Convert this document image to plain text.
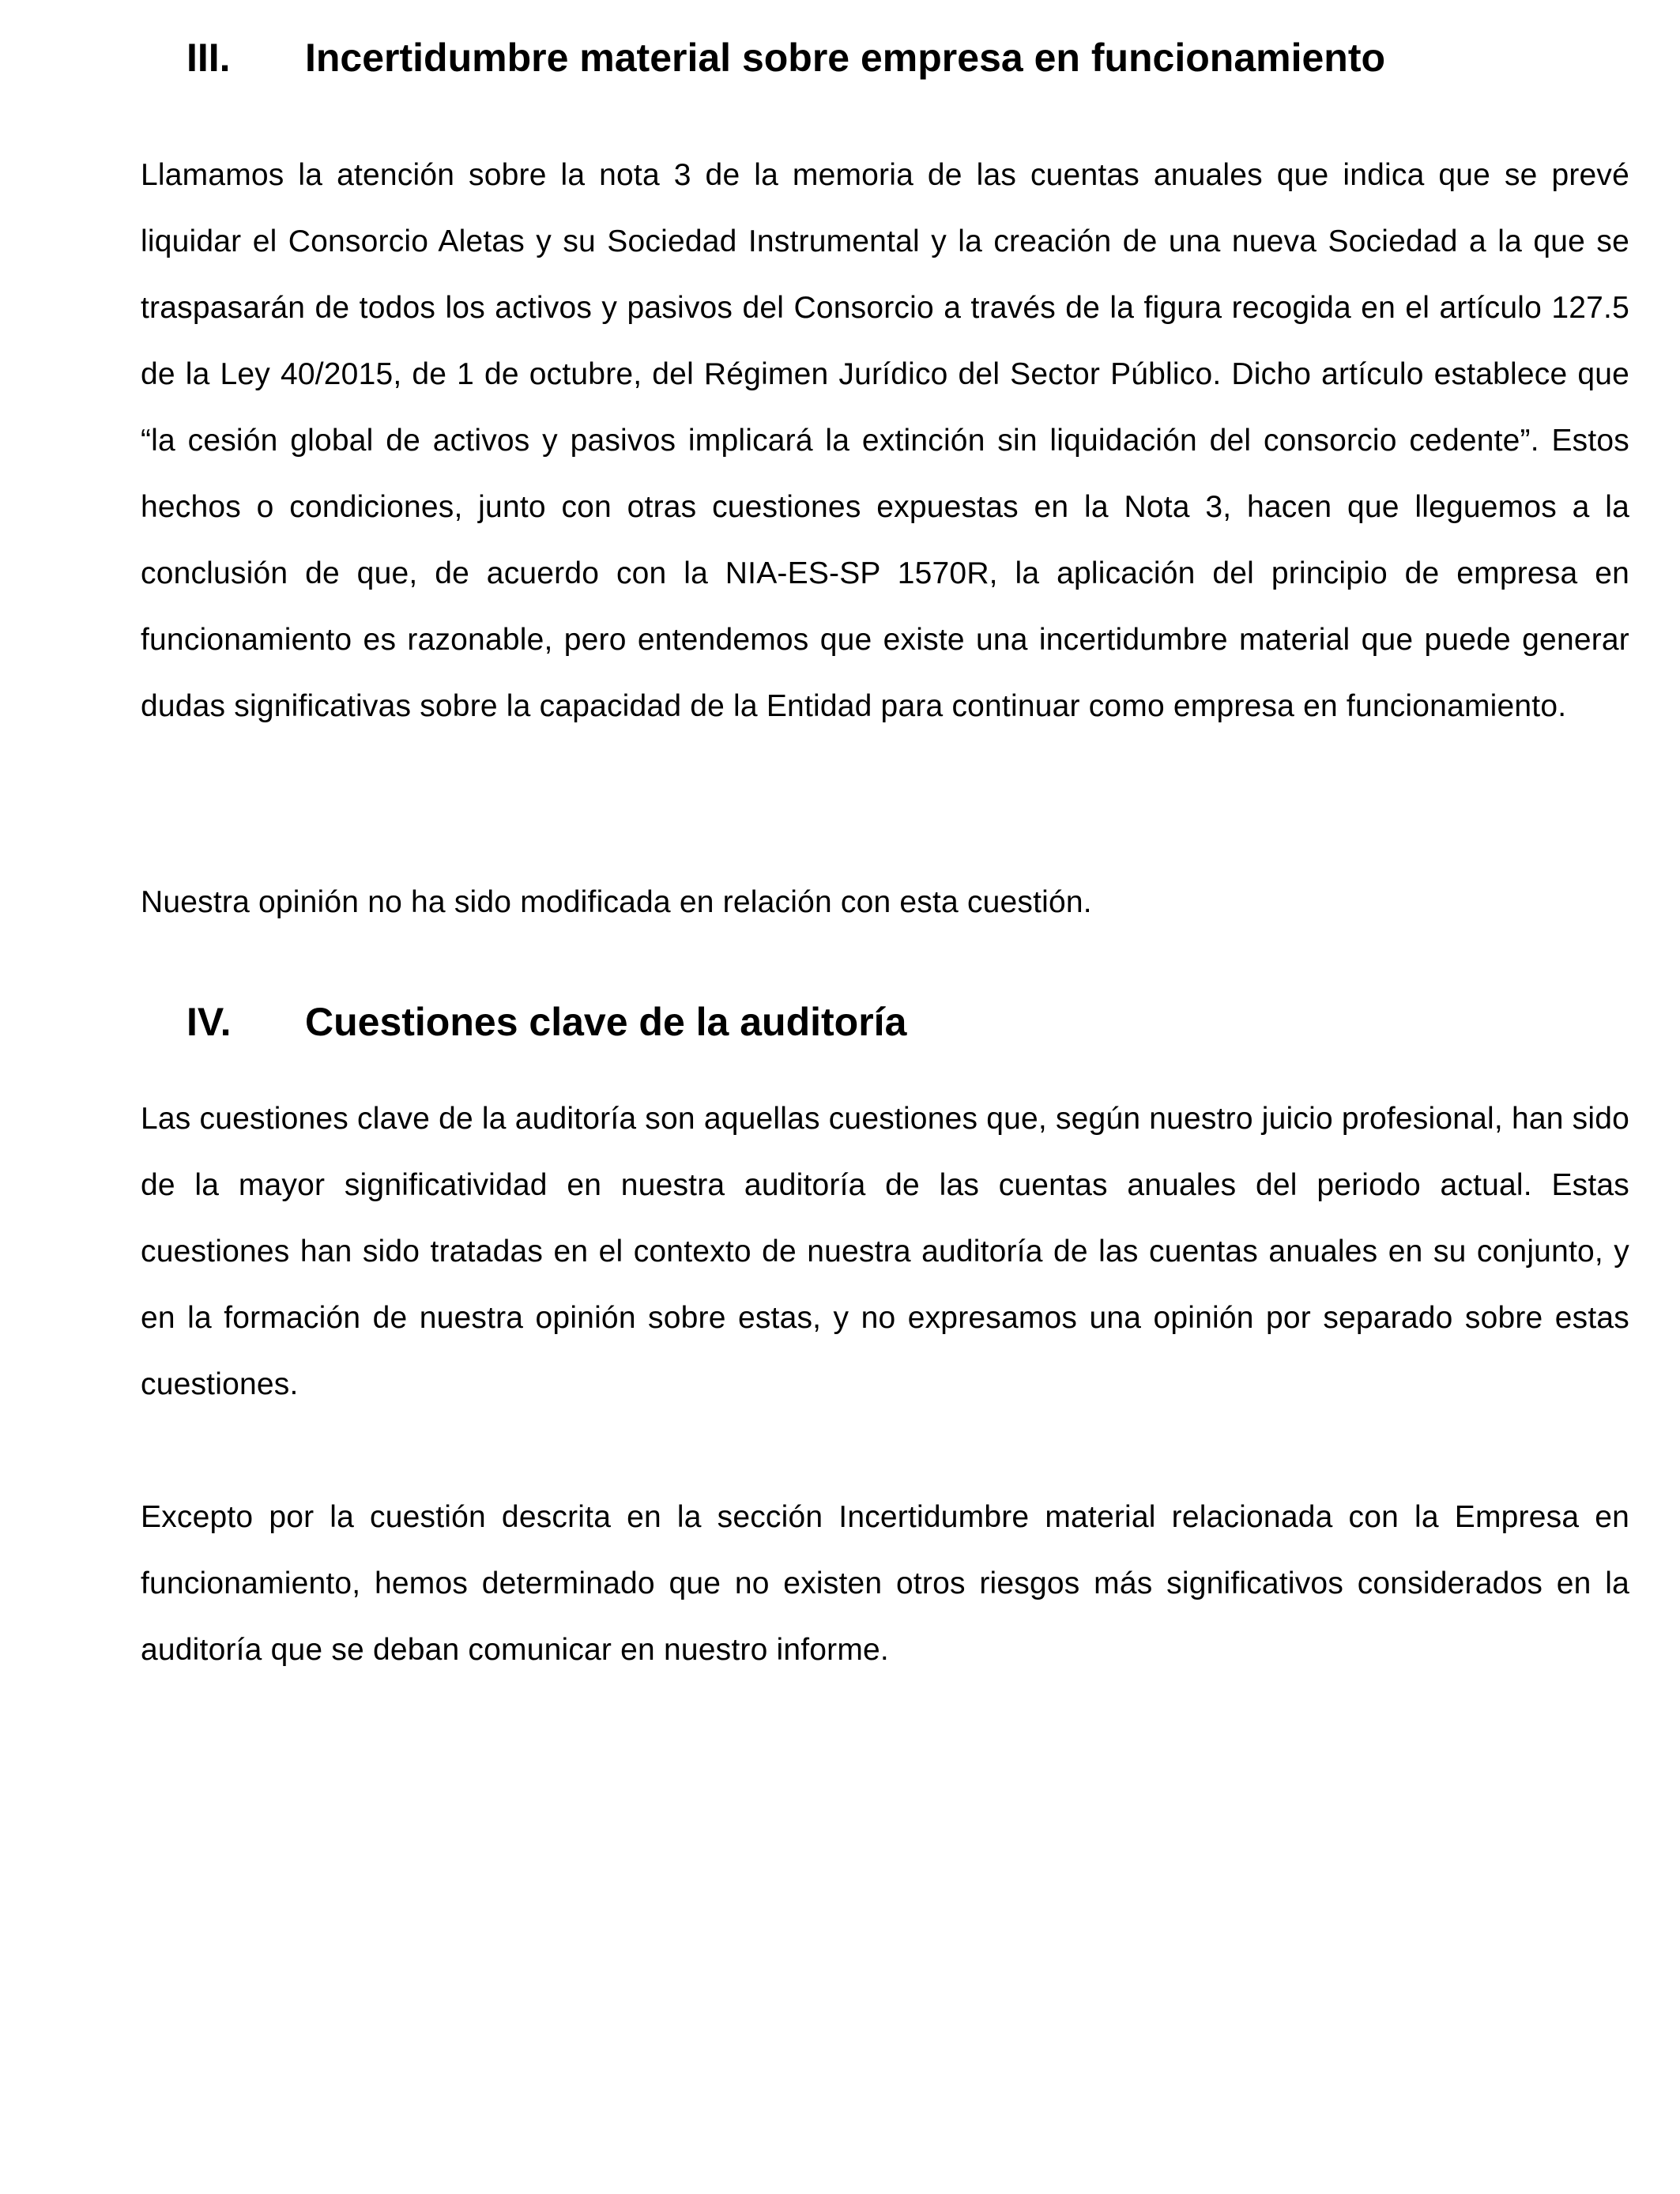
III. Incertidumbre material sobre empresa en funcionamiento

Llamamos la atención sobre la nota 3 de la memoria de las cuentas anuales que indica que se prevé liquidar el Consorcio Aletas y su Sociedad Instrumental y la creación de una nueva Sociedad a la que se traspasarán de todos los activos y pasivos del Consorcio a través de la figura recogida en el artículo 127.5 de la Ley 40/2015, de 1 de octubre, del Régimen Jurídico del Sector Público. Dicho artículo establece que “la cesión global de activos y pasivos implicará la extinción sin liquidación del consorcio cedente”. Estos hechos o condiciones, junto con otras cuestiones expuestas en la Nota 3, hacen que lleguemos a la conclusión de que, de acuerdo con la NIA-ES-SP 1570R, la aplicación del principio de empresa en funcionamiento es razonable, pero entendemos que existe una incertidumbre material que puede generar dudas significativas sobre la capacidad de la Entidad para continuar como empresa en funcionamiento.

Nuestra opinión no ha sido modificada en relación con esta cuestión.

IV. Cuestiones clave de la auditoría

Las cuestiones clave de la auditoría son aquellas cuestiones que, según nuestro juicio profesional, han sido de la mayor significatividad en nuestra auditoría de las cuentas anuales del periodo actual. Estas cuestiones han sido tratadas en el contexto de nuestra auditoría de las cuentas anuales en su conjunto, y en la formación de nuestra opinión sobre estas, y no expresamos una opinión por separado sobre estas cuestiones.

Excepto por la cuestión descrita en la sección Incertidumbre material relacionada con la Empresa en funcionamiento, hemos determinado que no existen otros riesgos más significativos considerados en la auditoría que se deban comunicar en nuestro informe.
